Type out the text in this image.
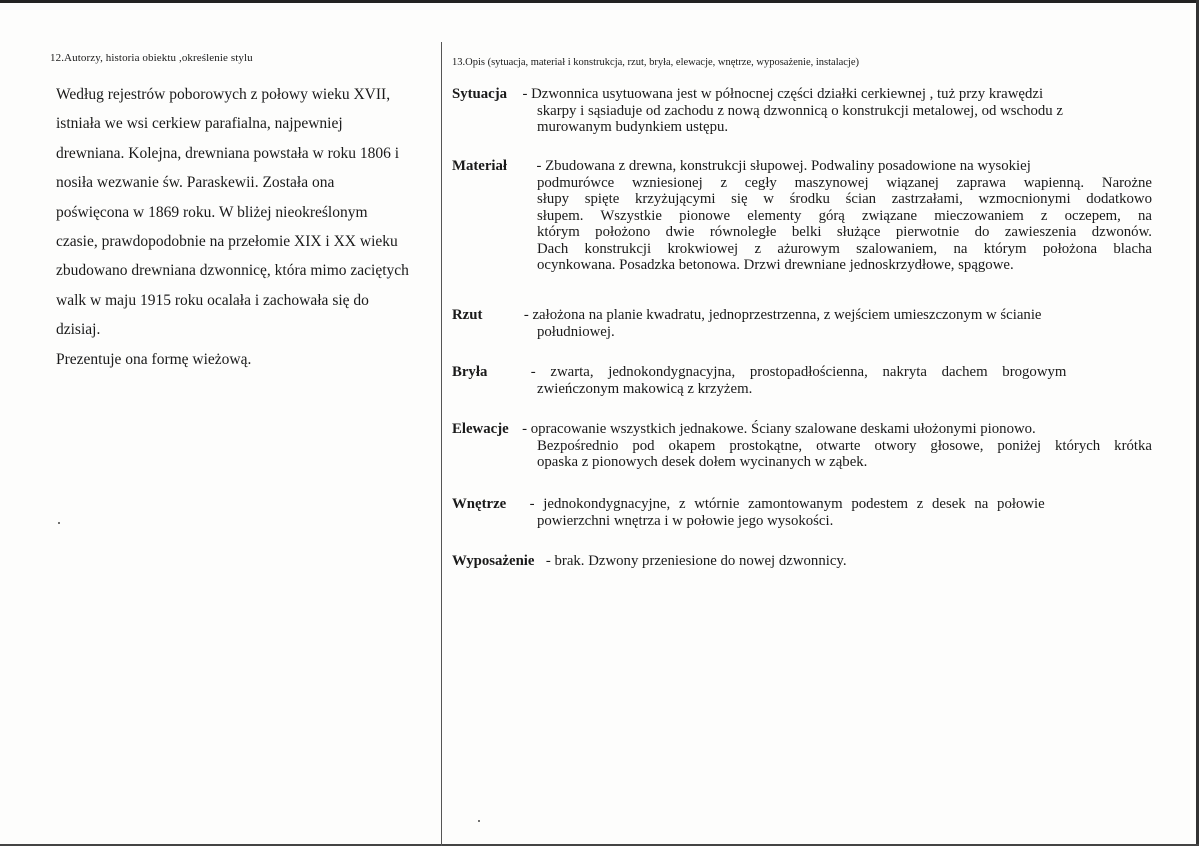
12.Autorzy, historia obiektu ,określenie stylu
Według rejestrów poborowych z połowy wieku XVII,
istniała we wsi cerkiew parafialna, najpewniej
drewniana. Kolejna, drewniana powstała w roku 1806 i
nosiła wezwanie św. Paraskewii. Została ona
poświęcona w 1869 roku. W bliżej nieokreślonym
czasie, prawdopodobnie na przełomie XIX i XX wieku
zbudowano drewniana dzwonnicę, która mimo zaciętych
walk w maju 1915 roku ocalała i zachowała się do
dzisiaj.
Prezentuje ona formę wieżową.
13.Opis (sytuacja, materiał i konstrukcja, rzut, bryła, elewacje, wnętrze, wyposażenie, instalacje)
Sytuacja - Dzwonnica usytuowana jest w północnej części działki cerkiewnej , tuż przy krawędzi
skarpy i sąsiaduje od zachodu z nową dzwonnicą o konstrukcji metalowej, od wschodu z
murowanym budynkiem ustępu.
Materiał - Zbudowana z drewna, konstrukcji słupowej. Podwaliny posadowione na wysokiej
podmurówce wzniesionej z cegły maszynowej wiązanej zaprawa wapienną. Narożne
słupy spięte krzyżującymi się w środku ścian zastrzałami, wzmocnionymi dodatkowo
słupem. Wszystkie pionowe elementy górą związane mieczowaniem z oczepem, na
którym położono dwie równoległe belki służące pierwotnie do zawieszenia dzwonów.
Dach konstrukcji krokwiowej z ażurowym szalowaniem, na którym położona blacha
ocynkowana. Posadzka betonowa. Drzwi drewniane jednoskrzydłowe, spągowe.
Rzut	- założona na planie kwadratu, jednoprzestrzenna, z wejściem umieszczonym w ścianie
południowej.
Bryła	- zwarta, jednokondygnacyjna, prostopadłościenna, nakryta dachem brogowym
zwieńczonym makowicą z krzyżem.
Elewacje - opracowanie wszystkich jednakowe. Ściany szalowane deskami ułożonymi pionowo.
Bezpośrednio pod okapem prostokątne, otwarte otwory głosowe, poniżej których krótka
opaska z pionowych desek dołem wycinanych w ząbek.
Wnętrze - jednokondygnacyjne, z wtórnie zamontowanym podestem z desek na połowie
powierzchni wnętrza i w połowie jego wysokości.
Wyposażenie - brak. Dzwony przeniesione do nowej dzwonnicy.
